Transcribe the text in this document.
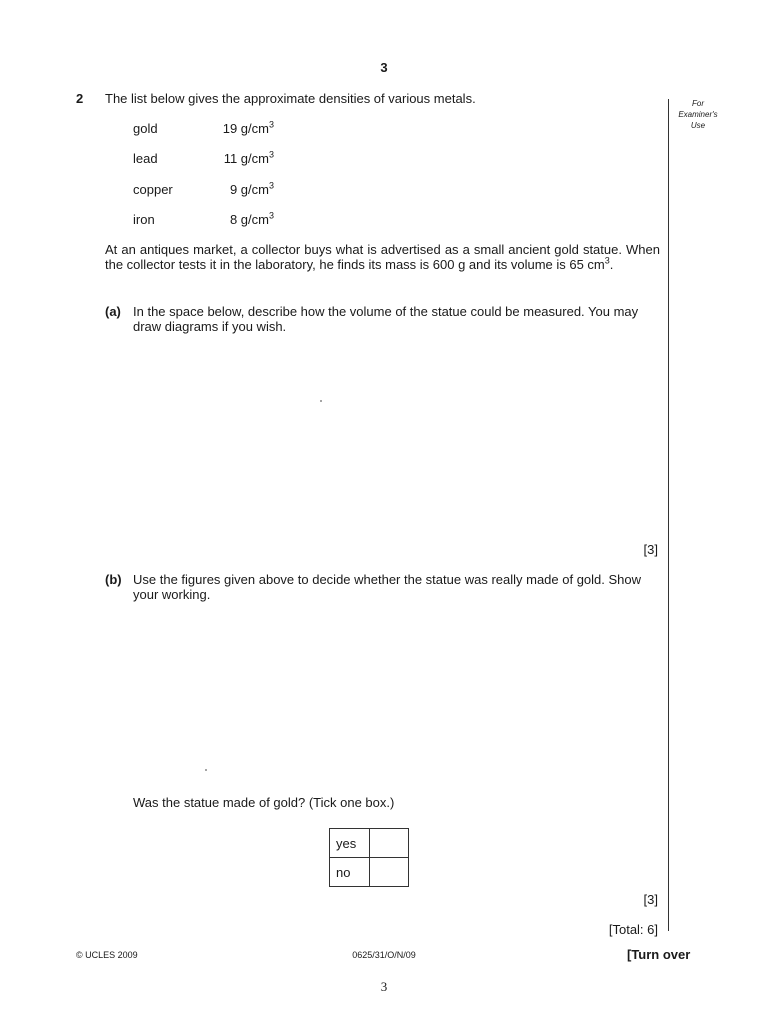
3
For
Examiner's
Use
2 The list below gives the approximate densities of various metals.
gold	19 $g/cm^3$
lead	11 $g/cm^3$
copper	9 $g/cm^3$
iron	8 $g/cm^3$
At an antiques market, a collector buys what is advertised as a small ancient gold statue. When the collector tests it in the laboratory, he finds its mass is 600 g and its volume is 65 $cm^3$.
(a) In the space below, describe how the volume of the statue could be measured. You may draw diagrams if you wish.
[3]
(b) Use the figures given above to decide whether the statue was really made of gold. Show your working.
Was the statue made of gold? (Tick one box.)
yes	
no	
[3]
[Total: 6]
© UCLES 2009	0625/31/O/N/09	[Turn over
3
